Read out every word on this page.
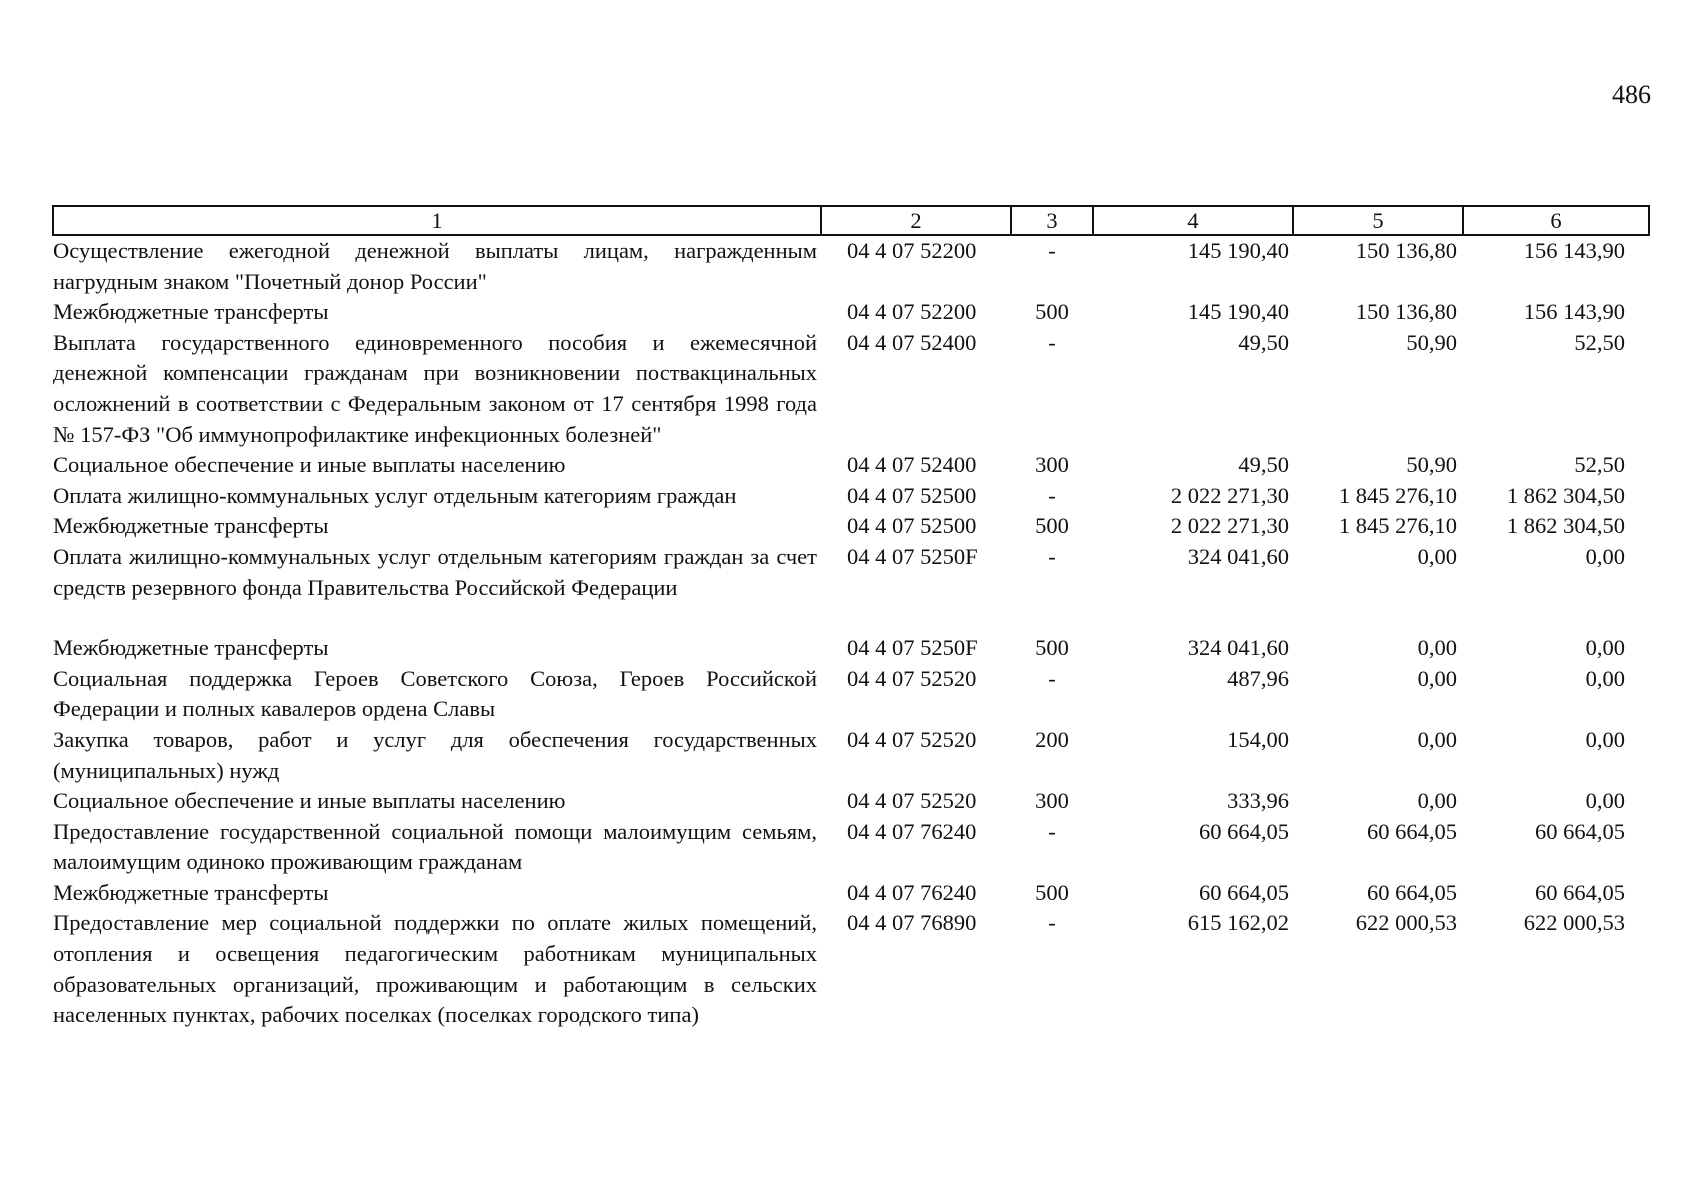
486
1	2	3	4	5	6
Осуществление ежегодной денежной выплаты лицам, награжденным нагрудным знаком "Почетный донор России"	04 4 07 52200	-	145 190,40	150 136,80	156 143,90
Межбюджетные трансферты	04 4 07 52200	500	145 190,40	150 136,80	156 143,90
Выплата государственного единовременного пособия и ежемесячной денежной компенсации гражданам при возникновении поствакцинальных осложнений в соответствии с Федеральным законом от 17 сентября 1998 года № 157-ФЗ "Об иммунопрофилактике инфекционных болезней"	04 4 07 52400	-	49,50	50,90	52,50
Социальное обеспечение и иные выплаты населению	04 4 07 52400	300	49,50	50,90	52,50
Оплата жилищно-коммунальных услуг отдельным категориям граждан	04 4 07 52500	-	2 022 271,30	1 845 276,10	1 862 304,50
Межбюджетные трансферты	04 4 07 52500	500	2 022 271,30	1 845 276,10	1 862 304,50
Оплата жилищно-коммунальных услуг отдельным категориям граждан за счет средств резервного фонда Правительства Российской Федерации	04 4 07 5250F	-	324 041,60	0,00	0,00
Межбюджетные трансферты	04 4 07 5250F	500	324 041,60	0,00	0,00
Социальная поддержка Героев Советского Союза, Героев Российской Федерации и полных кавалеров ордена Славы	04 4 07 52520	-	487,96	0,00	0,00
Закупка товаров, работ и услуг для обеспечения государственных (муниципальных) нужд	04 4 07 52520	200	154,00	0,00	0,00
Социальное обеспечение и иные выплаты населению	04 4 07 52520	300	333,96	0,00	0,00
Предоставление государственной социальной помощи малоимущим семьям, малоимущим одиноко проживающим гражданам	04 4 07 76240	-	60 664,05	60 664,05	60 664,05
Межбюджетные трансферты	04 4 07 76240	500	60 664,05	60 664,05	60 664,05
Предоставление мер социальной поддержки по оплате жилых помещений, отопления и освещения педагогическим работникам муниципальных образовательных организаций, проживающим и работающим в сельских населенных пунктах, рабочих поселках (поселках городского типа)	04 4 07 76890	-	615 162,02	622 000,53	622 000,53
